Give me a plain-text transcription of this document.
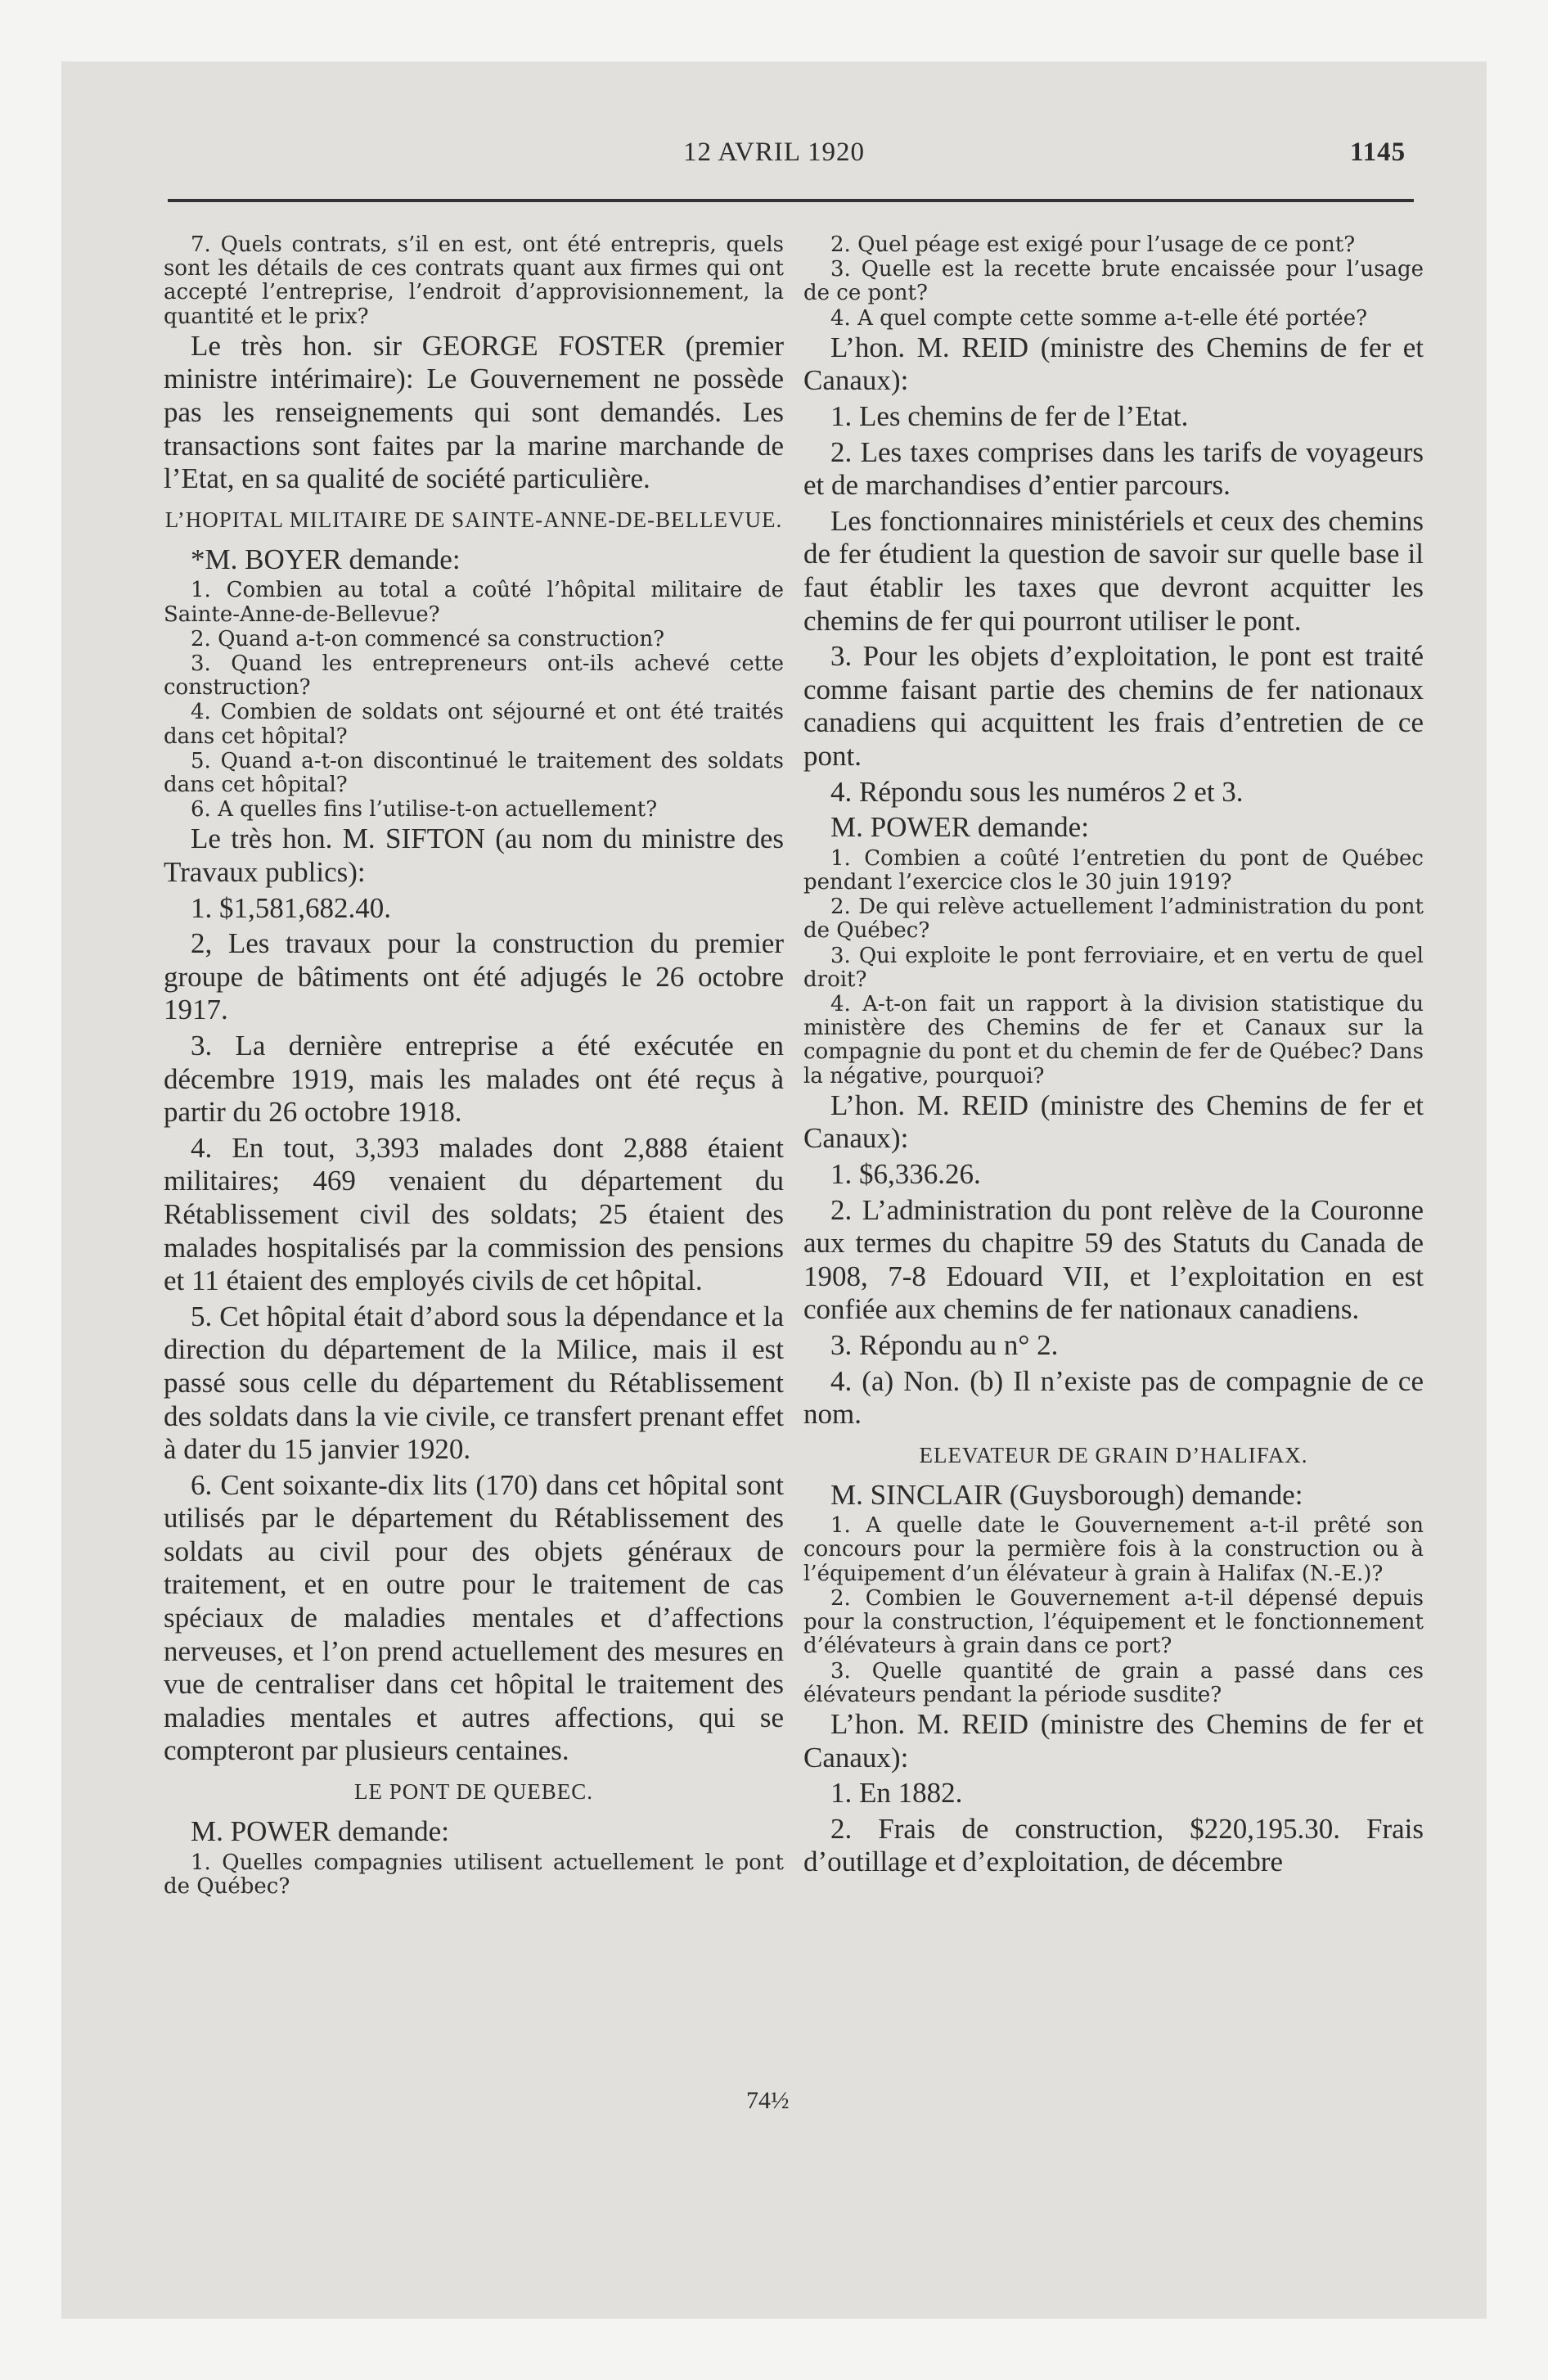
12 AVRIL 1920	1145

7. Quels contrats, s’il en est, ont été entrepris, quels sont les détails de ces contrats quant aux firmes qui ont accepté l’entreprise, l’endroit d’approvisionnement, la quantité et le prix?

Le très hon. sir GEORGE FOSTER (premier ministre intérimaire): Le Gouvernement ne possède pas les renseignements qui sont demandés. Les transactions sont faites par la marine marchande de l’Etat, en sa qualité de société particulière.

L’HOPITAL MILITAIRE DE SAINTE-ANNE-DE-BELLEVUE.

*M. BOYER demande:

1. Combien au total a coûté l’hôpital militaire de Sainte-Anne-de-Bellevue?

2. Quand a-t-on commencé sa construction?

3. Quand les entrepreneurs ont-ils achevé cette construction?

4. Combien de soldats ont séjourné et ont été traités dans cet hôpital?

5. Quand a-t-on discontinué le traitement des soldats dans cet hôpital?

6. A quelles fins l’utilise-t-on actuellement?

Le très hon. M. SIFTON (au nom du ministre des Travaux publics):

1. $1,581,682.40.

2, Les travaux pour la construction du premier groupe de bâtiments ont été adjugés le 26 octobre 1917.

3. La dernière entreprise a été exécutée en décembre 1919, mais les malades ont été reçus à partir du 26 octobre 1918.

4. En tout, 3,393 malades dont 2,888 étaient militaires; 469 venaient du département du Rétablissement civil des soldats; 25 étaient des malades hospitalisés par la commission des pensions et 11 étaient des employés civils de cet hôpital.

5. Cet hôpital était d’abord sous la dépendance et la direction du département de la Milice, mais il est passé sous celle du département du Rétablissement des soldats dans la vie civile, ce transfert prenant effet à dater du 15 janvier 1920.

6. Cent soixante-dix lits (170) dans cet hôpital sont utilisés par le département du Rétablissement des soldats au civil pour des objets généraux de traitement, et en outre pour le traitement de cas spéciaux de maladies mentales et d’affections nerveuses, et l’on prend actuellement des mesures en vue de centraliser dans cet hôpital le traitement des maladies mentales et autres affections, qui se compteront par plusieurs centaines.

LE PONT DE QUEBEC.

M. POWER demande:

1. Quelles compagnies utilisent actuellement le pont de Québec?

2. Quel péage est exigé pour l’usage de ce pont?

3. Quelle est la recette brute encaissée pour l’usage de ce pont?

4. A quel compte cette somme a-t-elle été portée?

L’hon. M. REID (ministre des Chemins de fer et Canaux):

1. Les chemins de fer de l’Etat.

2. Les taxes comprises dans les tarifs de voyageurs et de marchandises d’entier parcours.

Les fonctionnaires ministériels et ceux des chemins de fer étudient la question de savoir sur quelle base il faut établir les taxes que devront acquitter les chemins de fer qui pourront utiliser le pont.

3. Pour les objets d’exploitation, le pont est traité comme faisant partie des chemins de fer nationaux canadiens qui acquittent les frais d’entretien de ce pont.

4. Répondu sous les numéros 2 et 3.

M. POWER demande:

1. Combien a coûté l’entretien du pont de Québec pendant l’exercice clos le 30 juin 1919?

2. De qui relève actuellement l’administration du pont de Québec?

3. Qui exploite le pont ferroviaire, et en vertu de quel droit?

4. A-t-on fait un rapport à la division statistique du ministère des Chemins de fer et Canaux sur la compagnie du pont et du chemin de fer de Québec? Dans la négative, pourquoi?

L’hon. M. REID (ministre des Chemins de fer et Canaux):

1. $6,336.26.

2. L’administration du pont relève de la Couronne aux termes du chapitre 59 des Statuts du Canada de 1908, 7-8 Edouard VII, et l’exploitation en est confiée aux chemins de fer nationaux canadiens.

3. Répondu au n° 2.

4. (a) Non. (b) Il n’existe pas de compagnie de ce nom.

ELEVATEUR DE GRAIN D’HALIFAX.

M. SINCLAIR (Guysborough) demande:

1. A quelle date le Gouvernement a-t-il prêté son concours pour la permière fois à la construction ou à l’équipement d’un élévateur à grain à Halifax (N.-E.)?

2. Combien le Gouvernement a-t-il dépensé depuis pour la construction, l’équipement et le fonctionnement d’élévateurs à grain dans ce port?

3. Quelle quantité de grain a passé dans ces élévateurs pendant la période susdite?

L’hon. M. REID (ministre des Chemins de fer et Canaux):

1. En 1882.

2. Frais de construction, $220,195.30. Frais d’outillage et d’exploitation, de décembre

74½
